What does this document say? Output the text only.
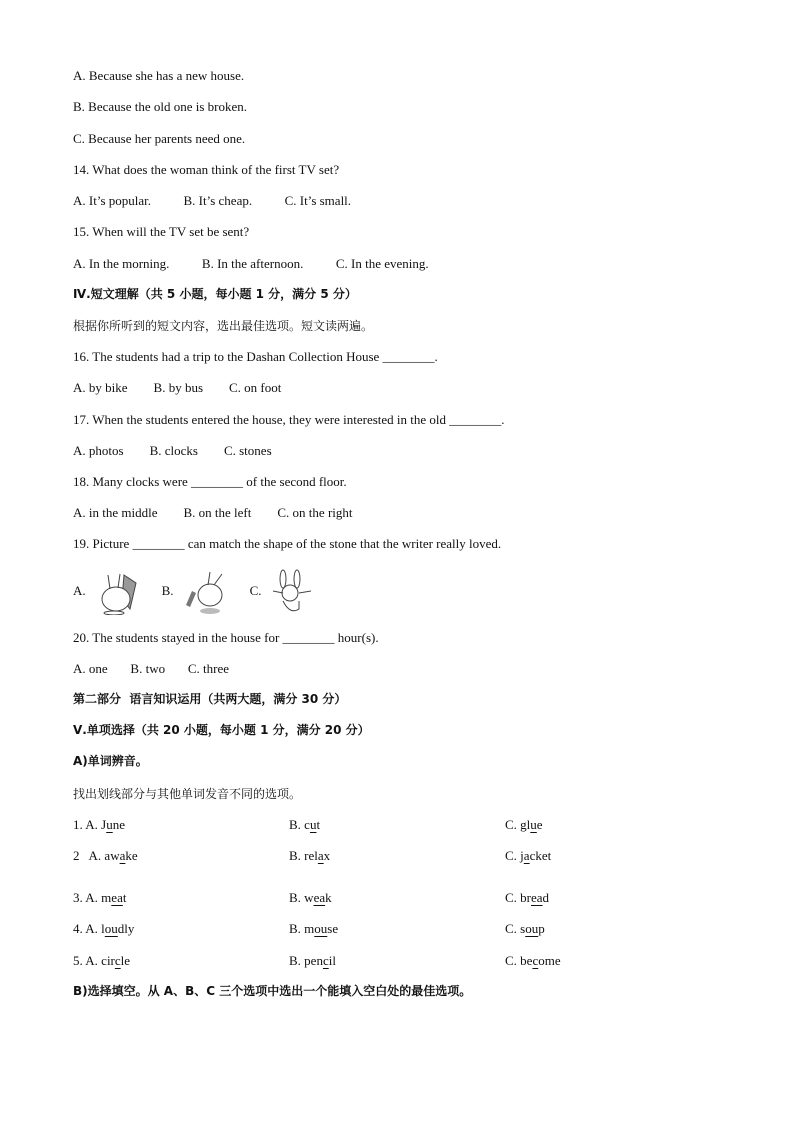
A. Because she has a new house.
B. Because the old one is broken.
C. Because her parents need one.
14. What does the woman think of the first TV set?
A. It’s popular.	B. It’s cheap.	C. It’s small.
15. When will the TV set be sent?
A. In the morning.	B. In the afternoon.	C. In the evening.
Ⅳ.短文理解（共 5 小题，每小题 1 分，满分 5 分）
根据你所听到的短文内容，选出最佳选项。短文读两遍。
16. The students had a trip to the Dashan Collection House ________.
A. by bike B. by bus C. on foot
17. When the students entered the house, they were interested in the old ________.
A. photos B. clocks C. stones
18. Many clocks were ________ of the second floor.
A. in the middle B. on the left C. on the right
19. Picture ________ can match the shape of the stone that the writer really loved.
A.	B.	C.
20. The students stayed in the house for ________ hour(s).
A. one B. two C. three
第二部分  语言知识运用（共两大题，满分 30 分）
Ⅴ.单项选择（共 20 小题，每小题 1 分，满分 20 分）
A)单词辨音。
找出划线部分与其他单词发音不同的选项。
1. A. June	B. cut	C. glue
2   A. awake	B. relax	C. jacket
3. A. meat	B. weak	C. bread
4. A. loudly	B. mouse	C. soup
5. A. circle	B. pencil	C. become
B)选择填空。从 A、B、C 三个选项中选出一个能填入空白处的最佳选项。
